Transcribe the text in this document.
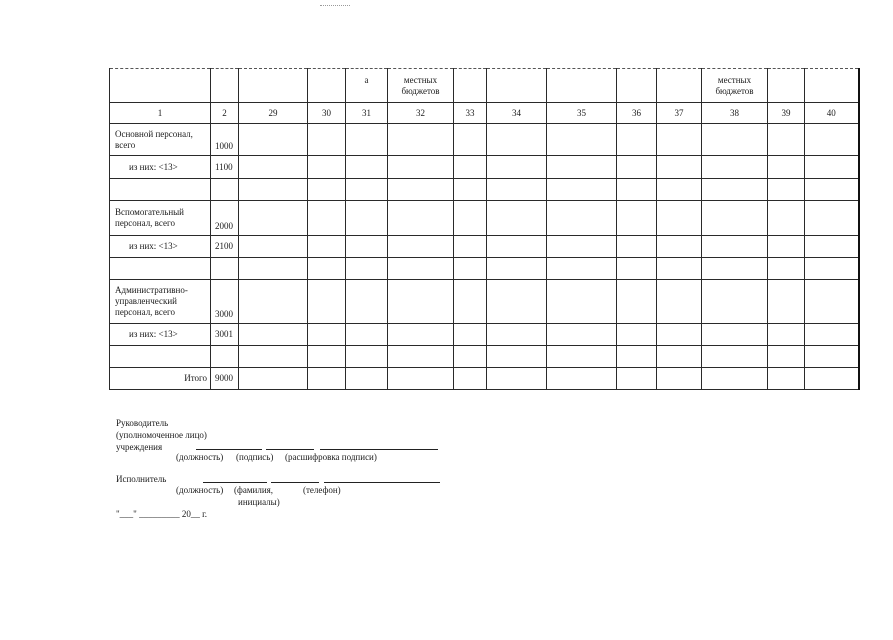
				а	местных бюджетов						местных бюджетов		
1	2	29	30	31	32	33	34	35	36	37	38	39	40
Основной персонал, всего	1000												
из них: <13>	1100												

Вспомогательный персонал, всего	2000												
из них: <13>	2100												

Административно-управленческий персонал, всего	3000												
из них: <13>	3001												

Итого	9000												
Руководитель
(уполномоченное лицо)
учреждения
(должность) (подпись) (расшифровка подписи)
Исполнитель
(должность) (фамилия,	(телефон)
инициалы)
"___" _________ 20__ г.
